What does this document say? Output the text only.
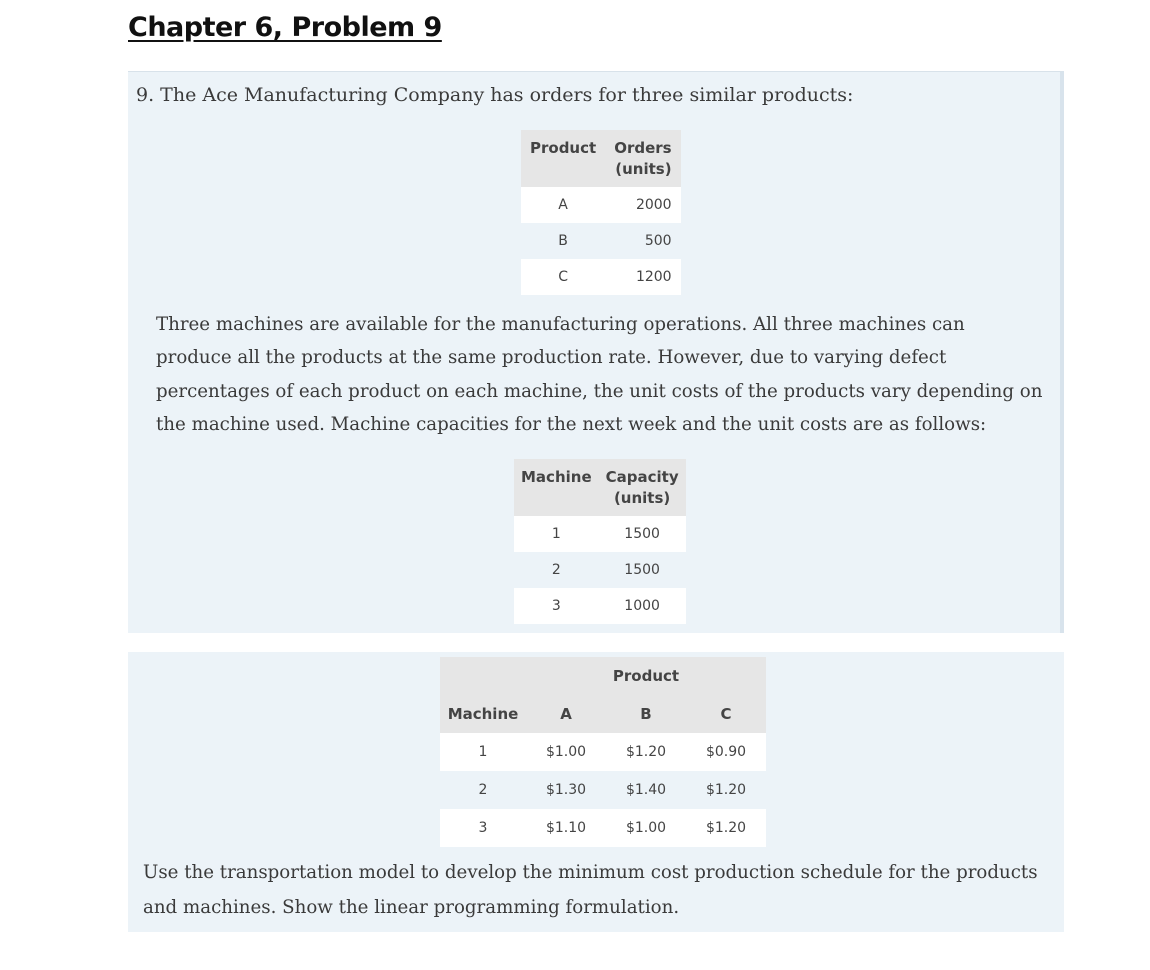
Chapter 6, Problem 9

9. The Ace Manufacturing Company has orders for three similar products:

Product	Orders
(units)
A	2000
B	500
C	1200

Three machines are available for the manufacturing operations. All three machines can produce all the products at the same production rate. However, due to varying defect percentages of each product on each machine, the unit costs of the products vary depending on the machine used. Machine capacities for the next week and the unit costs are as follows:

Machine	Capacity
(units)
1	1500
2	1500
3	1000
	Product		
Machine	A	B	C
1	$1.00	$1.20	$0.90
2	$1.30	$1.40	$1.20
3	$1.10	$1.00	$1.20

Use the transportation model to develop the minimum cost production schedule for the products and machines. Show the linear programming formulation.
